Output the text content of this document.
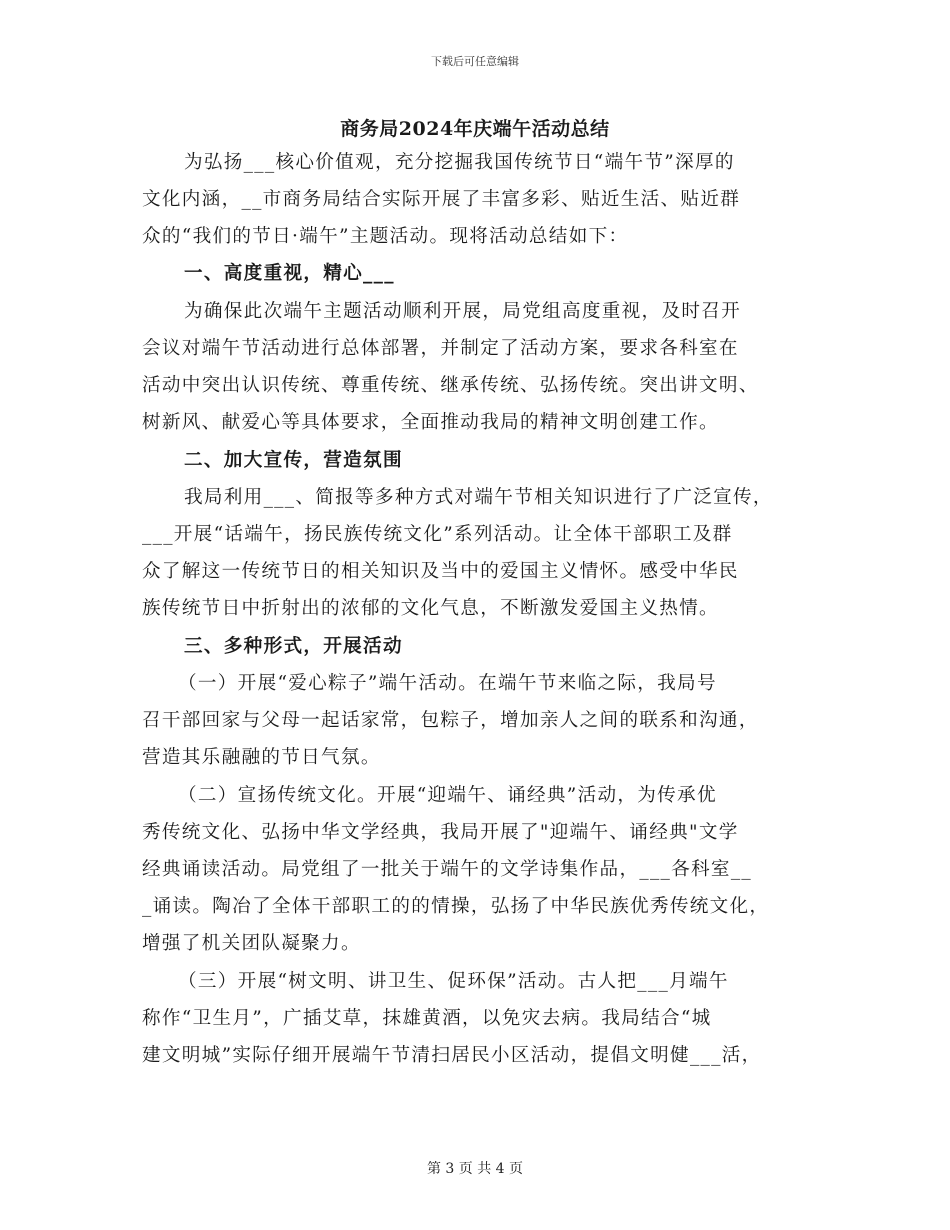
下载后可任意编辑
商务局2024年庆端午活动总结
为弘扬___核心价值观，充分挖掘我国传统节日“端午节”深厚的
文化内涵，__市商务局结合实际开展了丰富多彩、贴近生活、贴近群
众的“我们的节日·端午”主题活动。现将活动总结如下：
一、高度重视，精心___
为确保此次端午主题活动顺利开展，局党组高度重视，及时召开
会议对端午节活动进行总体部署，并制定了活动方案，要求各科室在
活动中突出认识传统、尊重传统、继承传统、弘扬传统。突出讲文明、
树新风、献爱心等具体要求，全面推动我局的精神文明创建工作。
二、加大宣传，营造氛围
我局利用___、简报等多种方式对端午节相关知识进行了广泛宣传，
___开展“话端午，扬民族传统文化”系列活动。让全体干部职工及群
众了解这一传统节日的相关知识及当中的爱国主义情怀。感受中华民
族传统节日中折射出的浓郁的文化气息，不断激发爱国主义热情。
三、多种形式，开展活动
（一）开展“爱心粽子”端午活动。在端午节来临之际，我局号
召干部回家与父母一起话家常，包粽子，增加亲人之间的联系和沟通，
营造其乐融融的节日气氛。
（二）宣扬传统文化。开展“迎端午、诵经典”活动，为传承优
秀传统文化、弘扬中华文学经典，我局开展了"迎端午、诵经典"文学
经典诵读活动。局党组了一批关于端午的文学诗集作品，___各科室__
_诵读。陶冶了全体干部职工的的情操，弘扬了中华民族优秀传统文化，
增强了机关团队凝聚力。
（三）开展“树文明、讲卫生、促环保”活动。古人把___月端午
称作“卫生月”，广插艾草，抹雄黄酒，以免灾去病。我局结合“城
建文明城”实际仔细开展端午节清扫居民小区活动，提倡文明健___活，
第 3 页 共 4 页
